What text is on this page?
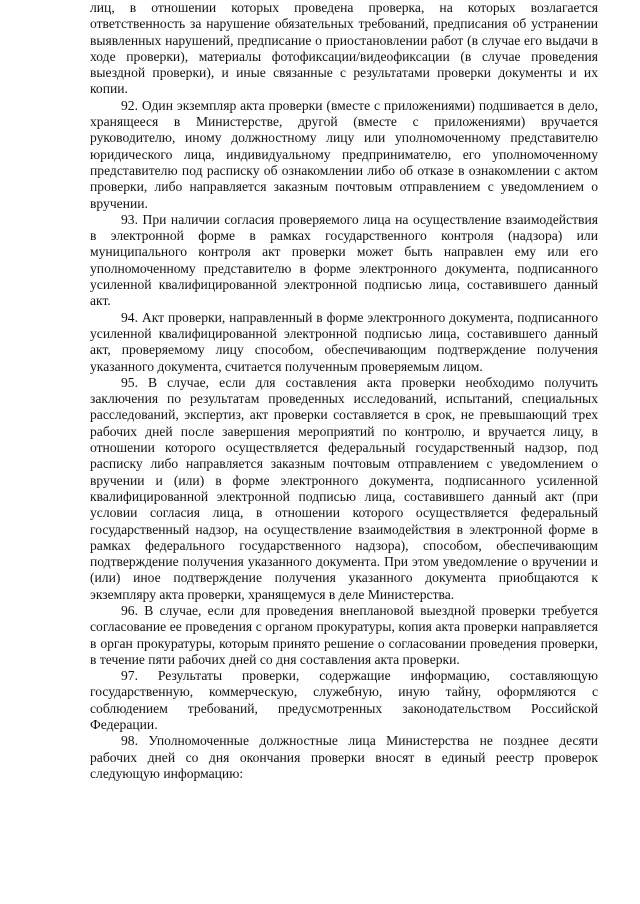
лиц, в отношении которых проведена проверка, на которых возлагается ответственность за нарушение обязательных требований, предписания об устранении выявленных нарушений, предписание о приостановлении работ (в случае его выдачи в ходе проверки), материалы фотофиксации/видеофиксации (в случае проведения выездной проверки), и иные связанные с результатами проверки документы и их копии.

92. Один экземпляр акта проверки (вместе с приложениями) подшивается в дело, хранящееся в Министерстве, другой (вместе с приложениями) вручается руководителю, иному должностному лицу или уполномоченному представителю юридического лица, индивидуальному предпринимателю, его уполномоченному представителю под расписку об ознакомлении либо об отказе в ознакомлении с актом проверки, либо направляется заказным почтовым отправлением с уведомлением о вручении.

93. При наличии согласия проверяемого лица на осуществление взаимодействия в электронной форме в рамках государственного контроля (надзора) или муниципального контроля акт проверки может быть направлен ему или его уполномоченному представителю в форме электронного документа, подписанного усиленной квалифицированной электронной подписью лица, составившего данный акт.

94. Акт проверки, направленный в форме электронного документа, подписанного усиленной квалифицированной электронной подписью лица, составившего данный акт, проверяемому лицу способом, обеспечивающим подтверждение получения указанного документа, считается полученным проверяемым лицом.

95. В случае, если для составления акта проверки необходимо получить заключения по результатам проведенных исследований, испытаний, специальных расследований, экспертиз, акт проверки составляется в срок, не превышающий трех рабочих дней после завершения мероприятий по контролю, и вручается лицу, в отношении которого осуществляется федеральный государственный надзор, под расписку либо направляется заказным почтовым отправлением с уведомлением о вручении и (или) в форме электронного документа, подписанного усиленной квалифицированной электронной подписью лица, составившего данный акт (при условии согласия лица, в отношении которого осуществляется федеральный государственный надзор, на осуществление взаимодействия в электронной форме в рамках федерального государственного надзора), способом, обеспечивающим подтверждение получения указанного документа. При этом уведомление о вручении и (или) иное подтверждение получения указанного документа приобщаются к экземпляру акта проверки, хранящемуся в деле Министерства.

96. В случае, если для проведения внеплановой выездной проверки требуется согласование ее проведения с органом прокуратуры, копия акта проверки направляется в орган прокуратуры, которым принято решение о согласовании проведения проверки, в течение пяти рабочих дней со дня составления акта проверки.

97. Результаты проверки, содержащие информацию, составляющую государственную, коммерческую, служебную, иную тайну, оформляются с соблюдением требований, предусмотренных законодательством Российской Федерации.

98. Уполномоченные должностные лица Министерства не позднее десяти рабочих дней со дня окончания проверки вносят в единый реестр проверок следующую информацию:
